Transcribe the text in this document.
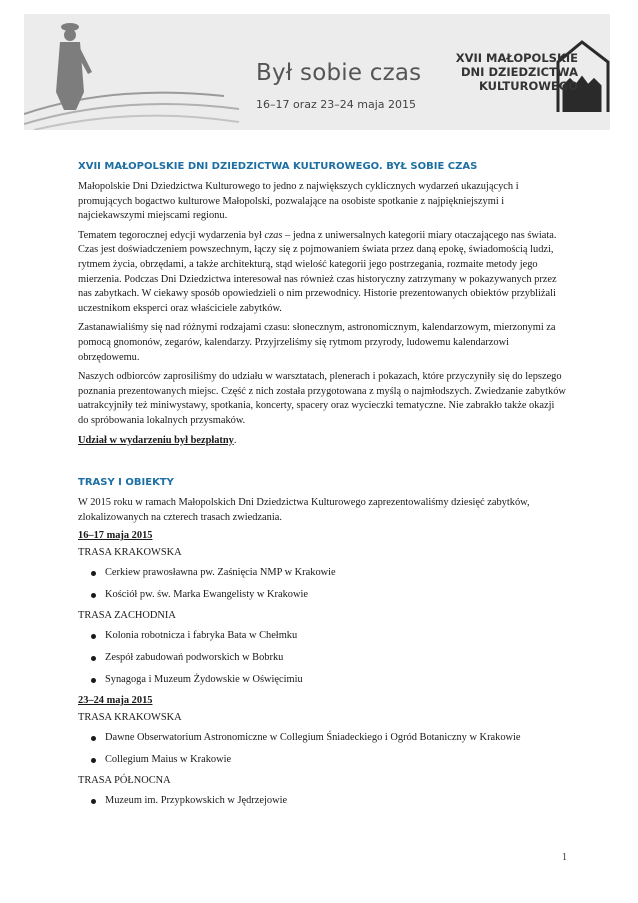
Był sobie czas
16–17 oraz 23–24 maja 2015
XVII MAŁOPOLSKIE
DNI DZIEDZICTWA
KULTUROWEGO
XVII MAŁOPOLSKIE DNI DZIEDZICTWA KULTUROWEGO. BYŁ SOBIE CZAS

Małopolskie Dni Dziedzictwa Kulturowego to jedno z największych cyklicznych wydarzeń ukazujących i promujących bogactwo kulturowe Małopolski, pozwalające na osobiste spotkanie z najpiękniejszymi i najciekawszymi miejscami regionu.

Tematem tegorocznej edycji wydarzenia był czas – jedna z uniwersalnych kategorii miary otaczającego nas świata. Czas jest doświadczeniem powszechnym, łączy się z pojmowaniem świata przez daną epokę, świadomością ludzi, rytmem życia, obrzędami, a także architekturą, stąd wielość kategorii jego postrzegania, rozmaite metody jego mierzenia. Podczas Dni Dziedzictwa interesował nas również czas historyczny zatrzymany w pokazywanych przez nas zabytkach. W ciekawy sposób opowiedzieli o nim przewodnicy. Historie prezentowanych obiektów przybliżali uczestnikom eksperci oraz właściciele zabytków.

Zastanawialiśmy się nad różnymi rodzajami czasu: słonecznym, astronomicznym, kalendarzowym, mierzonymi za pomocą gnomonów, zegarów, kalendarzy. Przyjrzeliśmy się rytmom przyrody, ludowemu kalendarzowi obrzędowemu.

Naszych odbiorców zaprosiliśmy do udziału w warsztatach, plenerach i pokazach, które przyczyniły się do lepszego poznania prezentowanych miejsc. Część z nich została przygotowana z myślą o najmłodszych. Zwiedzanie zabytków uatrakcyjniły też miniwystawy, spotkania, koncerty, spacery oraz wycieczki tematyczne. Nie zabrakło także okazji do spróbowania lokalnych przysmaków.

Udział w wydarzeniu był bezpłatny.

TRASY I OBIEKTY

W 2015 roku w ramach Małopolskich Dni Dziedzictwa Kulturowego zaprezentowaliśmy dziesięć zabytków, zlokalizowanych na czterech trasach zwiedzania.

16–17 maja 2015
TRASA KRAKOWSKA
Cerkiew prawosławna pw. Zaśnięcia NMP w Krakowie
Kościół pw. św. Marka Ewangelisty w Krakowie
TRASA ZACHODNIA
Kolonia robotnicza i fabryka Bata w Chełmku
Zespół zabudowań podworskich w Bobrku
Synagoga i Muzeum Żydowskie w Oświęcimiu
23–24 maja 2015
TRASA KRAKOWSKA
Dawne Obserwatorium Astronomiczne w Collegium Śniadeckiego i Ogród Botaniczny w Krakowie
Collegium Maius w Krakowie
TRASA PÓŁNOCNA
Muzeum im. Przypkowskich w Jędrzejowie
1
